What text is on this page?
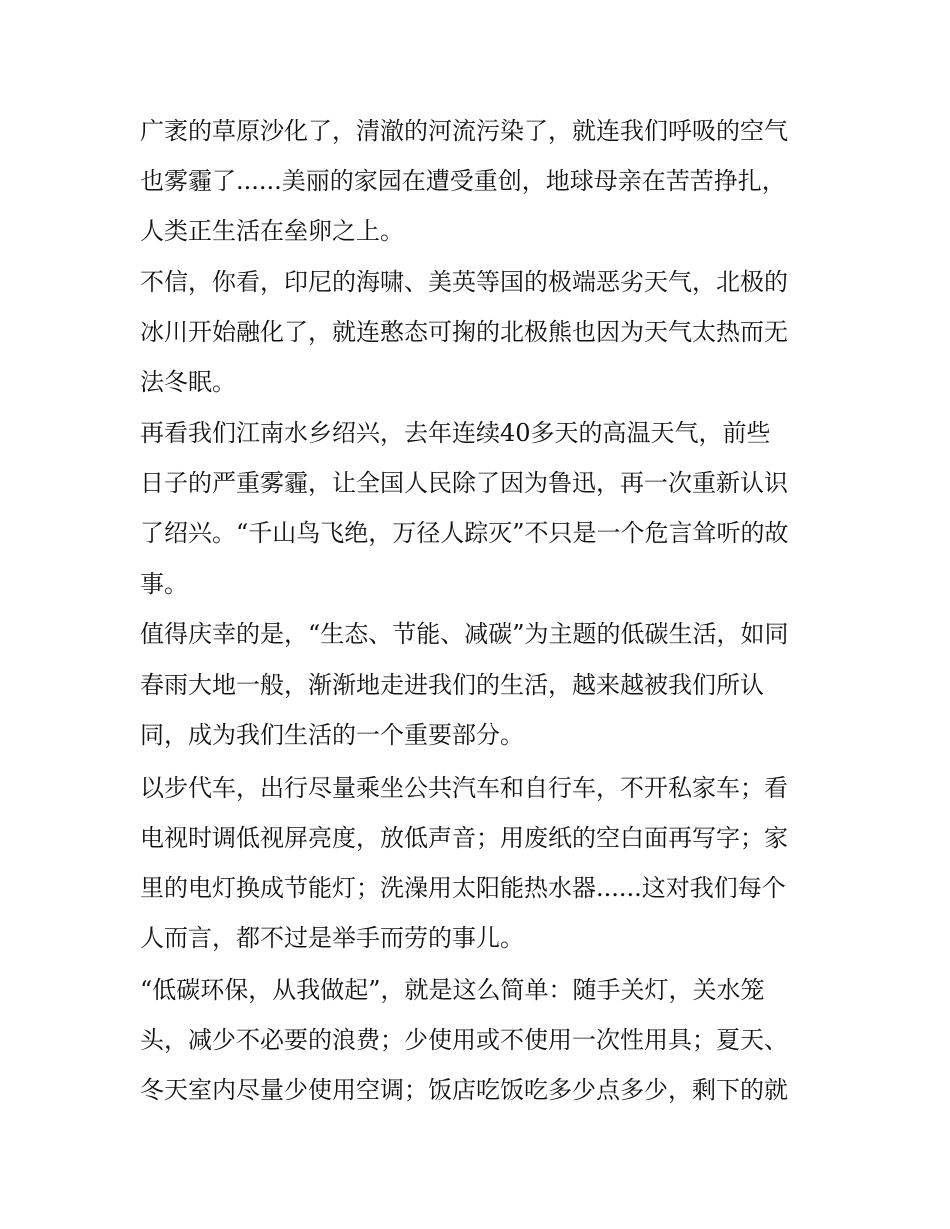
广袤的草原沙化了，清澈的河流污染了，就连我们呼吸的空气

也雾霾了......美丽的家园在遭受重创，地球母亲在苦苦挣扎，

人类正生活在垒卵之上。

不信，你看，印尼的海啸、美英等国的极端恶劣天气，北极的

冰川开始融化了，就连憨态可掬的北极熊也因为天气太热而无

法冬眠。

再看我们江南水乡绍兴，去年连续40多天的高温天气，前些

日子的严重雾霾，让全国人民除了因为鲁迅，再一次重新认识

了绍兴。“千山鸟飞绝，万径人踪灭”不只是一个危言耸听的故

事。

值得庆幸的是，“生态、节能、减碳”为主题的低碳生活，如同

春雨大地一般，渐渐地走进我们的生活，越来越被我们所认

同，成为我们生活的一个重要部分。

以步代车，出行尽量乘坐公共汽车和自行车，不开私家车；看

电视时调低视屏亮度，放低声音；用废纸的空白面再写字；家

里的电灯换成节能灯；洗澡用太阳能热水器......这对我们每个

人而言，都不过是举手而劳的事儿。

“低碳环保，从我做起”，就是这么简单：随手关灯，关水笼

头，减少不必要的浪费；少使用或不使用一次性用具；夏天、

冬天室内尽量少使用空调；饭店吃饭吃多少点多少，剩下的就
